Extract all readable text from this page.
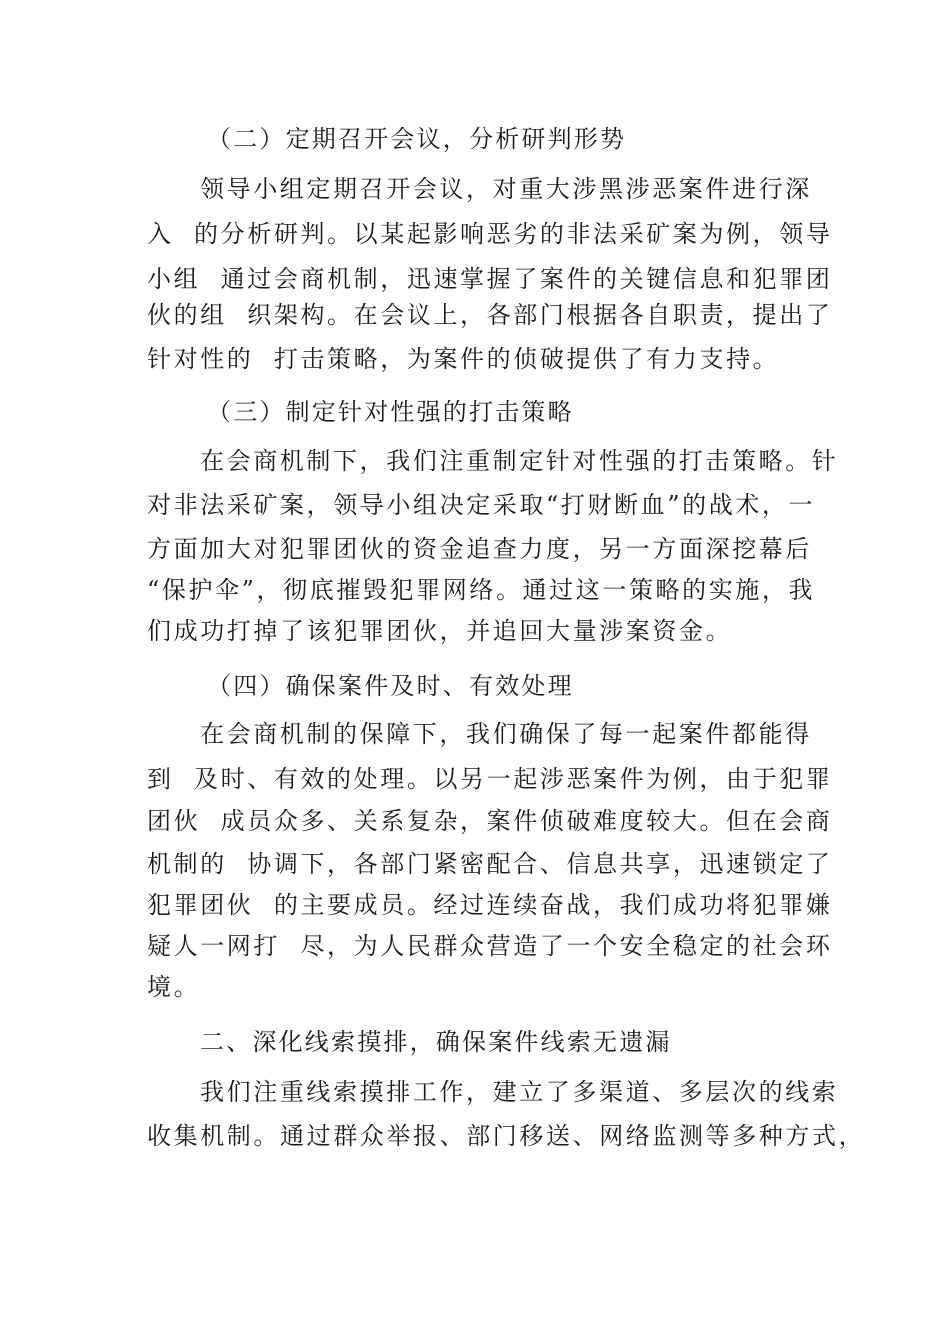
（二）定期召开会议，分析研判形势
领导小组定期召开会议，对重大涉黑涉恶案件进行深
入  的分析研判。以某起影响恶劣的非法采矿案为例，领导
小组  通过会商机制，迅速掌握了案件的关键信息和犯罪团
伙的组  织架构。在会议上，各部门根据各自职责，提出了
针对性的  打击策略，为案件的侦破提供了有力支持。
（三）制定针对性强的打击策略
在会商机制下，我们注重制定针对性强的打击策略。针
对非法采矿案，领导小组决定采取“打财断血”的战术，一
方面加大对犯罪团伙的资金追查力度，另一方面深挖幕后
“保护伞”，彻底摧毁犯罪网络。通过这一策略的实施，我
们成功打掉了该犯罪团伙，并追回大量涉案资金。
（四）确保案件及时、有效处理
在会商机制的保障下，我们确保了每一起案件都能得
到  及时、有效的处理。以另一起涉恶案件为例，由于犯罪
团伙  成员众多、关系复杂，案件侦破难度较大。但在会商
机制的  协调下，各部门紧密配合、信息共享，迅速锁定了
犯罪团伙  的主要成员。经过连续奋战，我们成功将犯罪嫌
疑人一网打  尽，为人民群众营造了一个安全稳定的社会环
境。
二、深化线索摸排，确保案件线索无遗漏
我们注重线索摸排工作，建立了多渠道、多层次的线索
收集机制。通过群众举报、部门移送、网络监测等多种方式，
